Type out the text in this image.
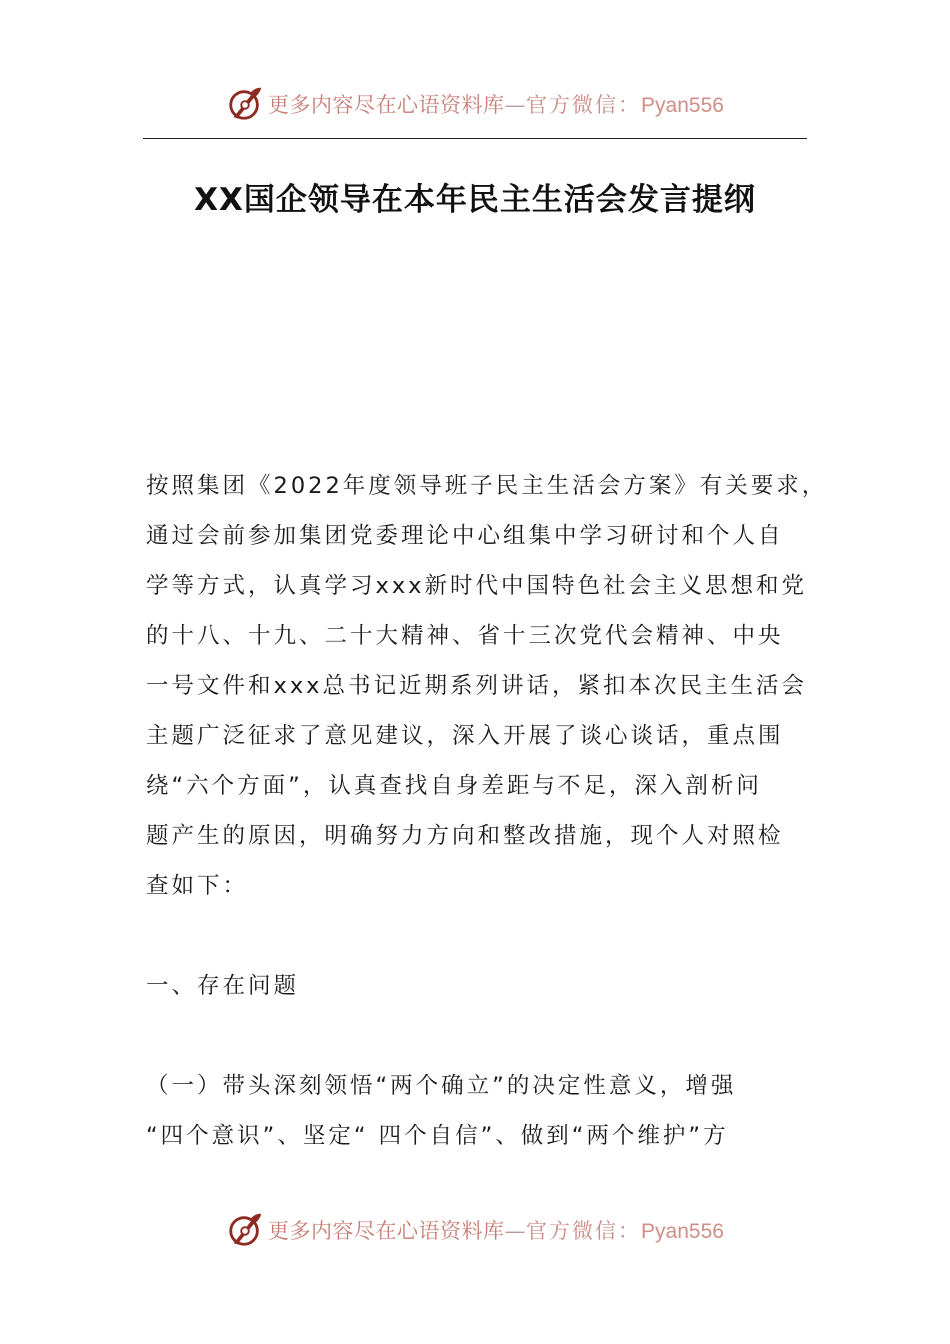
更多内容尽在心语资料库—官方微信：Pyan556
XX国企领导在本年民主生活会发言提纲
按照集团《2022年度领导班子民主生活会方案》有关要求，
通过会前参加集团党委理论中心组集中学习研讨和个人自
学等方式，认真学习xxx新时代中国特色社会主义思想和党
的十八、十九、二十大精神、省十三次党代会精神、中央
一号文件和xxx总书记近期系列讲话，紧扣本次民主生活会
主题广泛征求了意见建议，深入开展了谈心谈话，重点围
绕“六个方面”，认真查找自身差距与不足，深入剖析问
题产生的原因，明确努力方向和整改措施，现个人对照检
查如下：
一、存在问题
（一）带头深刻领悟“两个确立”的决定性意义，增强
“四个意识”、坚定“ 四个自信”、做到“两个维护”方
更多内容尽在心语资料库—官方微信：Pyan556
